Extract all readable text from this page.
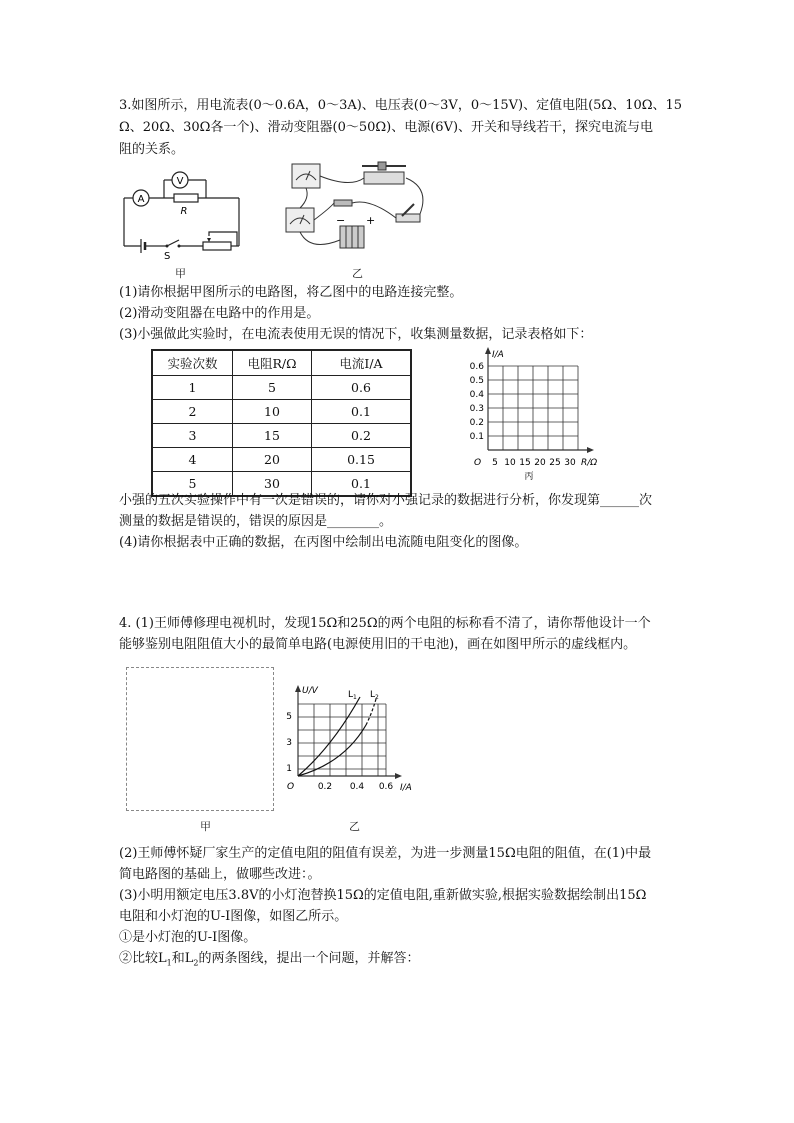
3.如图所示，用电流表(0～0.6A，0～3A)、电压表(0～3V，0～15V)、定值电阻(5Ω、10Ω、15
Ω、20Ω、30Ω各一个)、滑动变阻器(0～50Ω)、电源(6V)、开关和导线若干，探究电流与电
阻的关系。
A
V
R
S
甲
− +
乙
(1)请你根据甲图所示的电路图，将乙图中的电路连接完整。
(2)滑动变阻器在电路中的作用是。
(3)小强做此实验时，在电流表使用无误的情况下，收集测量数据，记录表格如下：
实验次数	电阻R/Ω	电流I/A
1	5	0.6
2	10	0.1
3	15	0.2
4	20	0.15
5	30	0.1
I/A
R/Ω
O
0.6
0.5
0.4
0.3
0.2
0.1
5 10 15 20 25 30
丙
小强的五次实验操作中有一次是错误的，请你对小强记录的数据进行分析，你发现第______次
测量的数据是错误的，错误的原因是________。
(4)请你根据表中正确的数据，在丙图中绘制出电流随电阻变化的图像。
4. (1)王师傅修理电视机时，发现15Ω和25Ω的两个电阻的标称看不清了，请你帮他设计一个
能够鉴别电阻阻值大小的最简单电路(电源使用旧的干电池)，画在如图甲所示的虚线框内。
甲
U/V
I/A
O
5
3
1
0.2 0.4 0.6
$L_1$ $L_2$
乙
(2)王师傅怀疑厂家生产的定值电阻的阻值有误差，为进一步测量15Ω电阻的阻值，在(1)中最
简电路图的基础上，做哪些改进：。
(3)小明用额定电压3.8V的小灯泡替换15Ω的定值电阻,重新做实验,根据实验数据绘制出15Ω
电阻和小灯泡的U-I图像，如图乙所示。
①是小灯泡的U-I图像。
②比较$L_1$和$L_2$的两条图线，提出一个问题，并解答：
